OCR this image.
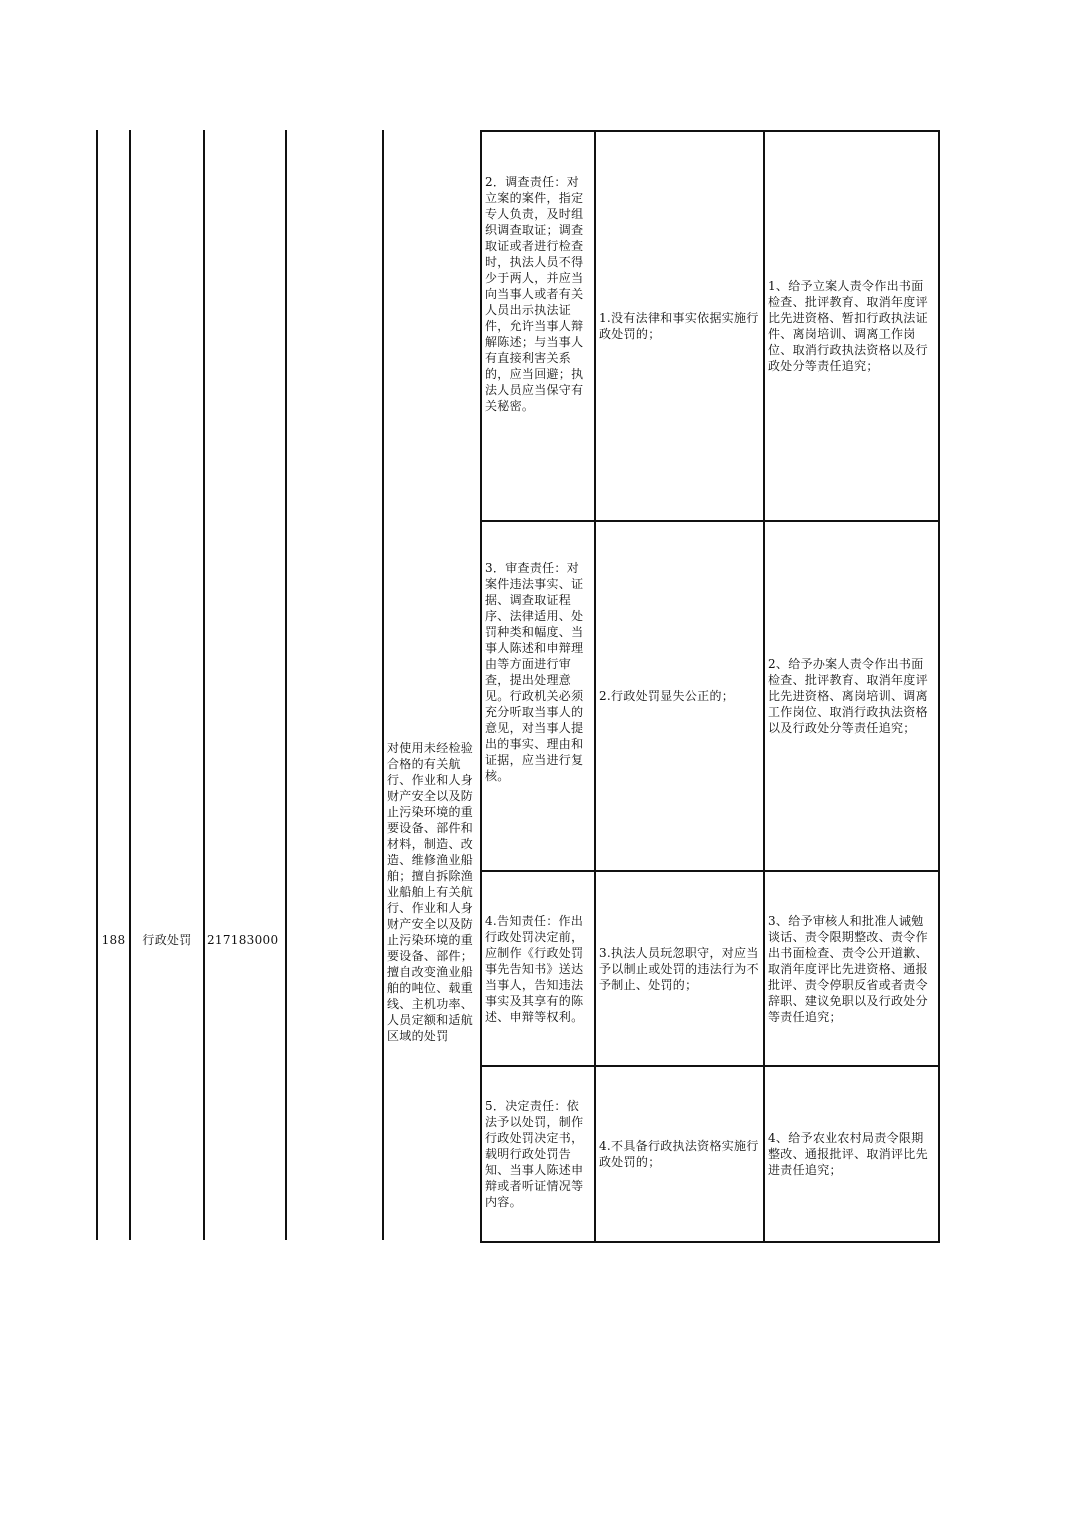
188	行政处罚	217183000
对使用未经检验合格的有关航行、作业和人身财产安全以及防止污染环境的重要设备、部件和材料，制造、改造、维修渔业船舶；擅自拆除渔业船舶上有关航行、作业和人身财产安全以及防止污染环境的重要设备、部件；擅自改变渔业船舶的吨位、载重线、主机功率、人员定额和适航区域的处罚
2．调查责任：对立案的案件，指定专人负责，及时组织调查取证；调查取证或者进行检查时，执法人员不得少于两人，并应当向当事人或者有关人员出示执法证件，允许当事人辩解陈述；与当事人有直接利害关系的，应当回避；执法人员应当保守有关秘密。	1.没有法律和事实依据实施行政处罚的；	1、给予立案人责令作出书面检查、批评教育、取消年度评比先进资格、暂扣行政执法证件、离岗培训、调离工作岗位、取消行政执法资格以及行政处分等责任追究；

3．审查责任：对案件违法事实、证据、调查取证程序、法律适用、处罚种类和幅度、当事人陈述和申辩理由等方面进行审查，提出处理意见。行政机关必须充分听取当事人的意见，对当事人提出的事实、理由和证据，应当进行复核。	2.行政处罚显失公正的；	2、给予办案人责令作出书面检查、批评教育、取消年度评比先进资格、离岗培训、调离工作岗位、取消行政执法资格以及行政处分等责任追究；
4.告知责任：作出行政处罚决定前，应制作《行政处罚事先告知书》送达当事人，告知违法事实及其享有的陈述、申辩等权利。	3.执法人员玩忽职守，对应当予以制止或处罚的违法行为不予制止、处罚的；	3、给予审核人和批准人诫勉谈话、责令限期整改、责令作出书面检查、责令公开道歉、取消年度评比先进资格、通报批评、责令停职反省或者责令辞职、建议免职以及行政处分等责任追究；
5．决定责任：依法予以处罚，制作行政处罚决定书，载明行政处罚告知、当事人陈述申辩或者听证情况等内容。	4.不具备行政执法资格实施行政处罚的；	4、给予农业农村局责令限期整改、通报批评、取消评比先进责任追究；
